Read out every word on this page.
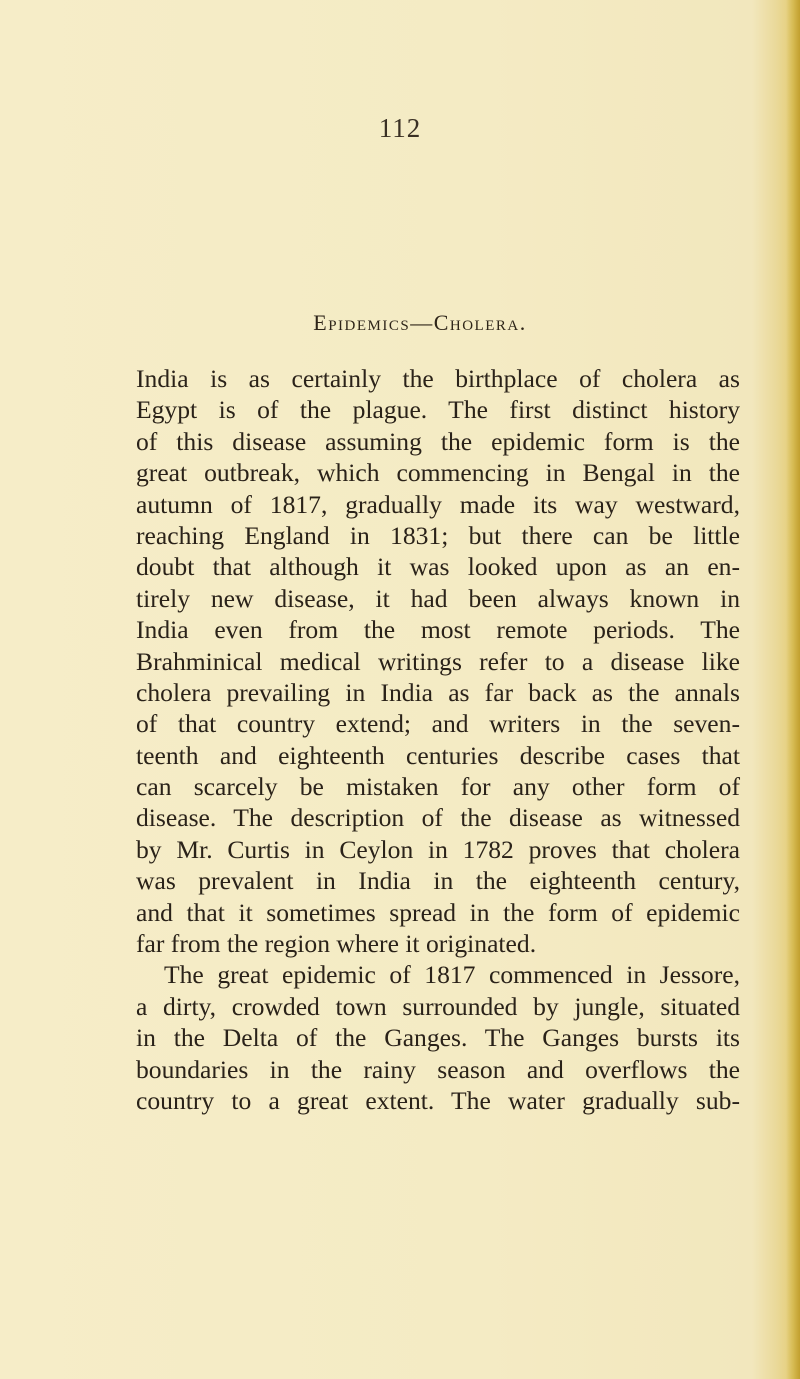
112
Epidemics—Cholera.
India is as certainly the birthplace of cholera as
Egypt is of the plague. The first distinct history
of this disease assuming the epidemic form is the
great outbreak, which commencing in Bengal in the
autumn of 1817, gradually made its way westward,
reaching England in 1831; but there can be little
doubt that although it was looked upon as an en-
tirely new disease, it had been always known in
India even from the most remote periods. The
Brahminical medical writings refer to a disease like
cholera prevailing in India as far back as the annals
of that country extend; and writers in the seven-
teenth and eighteenth centuries describe cases that
can scarcely be mistaken for any other form of
disease. The description of the disease as witnessed
by Mr. Curtis in Ceylon in 1782 proves that cholera
was prevalent in India in the eighteenth century,
and that it sometimes spread in the form of epidemic
far from the region where it originated.
The great epidemic of 1817 commenced in Jessore,
a dirty, crowded town surrounded by jungle, situated
in the Delta of the Ganges. The Ganges bursts its
boundaries in the rainy season and overflows the
country to a great extent. The water gradually sub-
